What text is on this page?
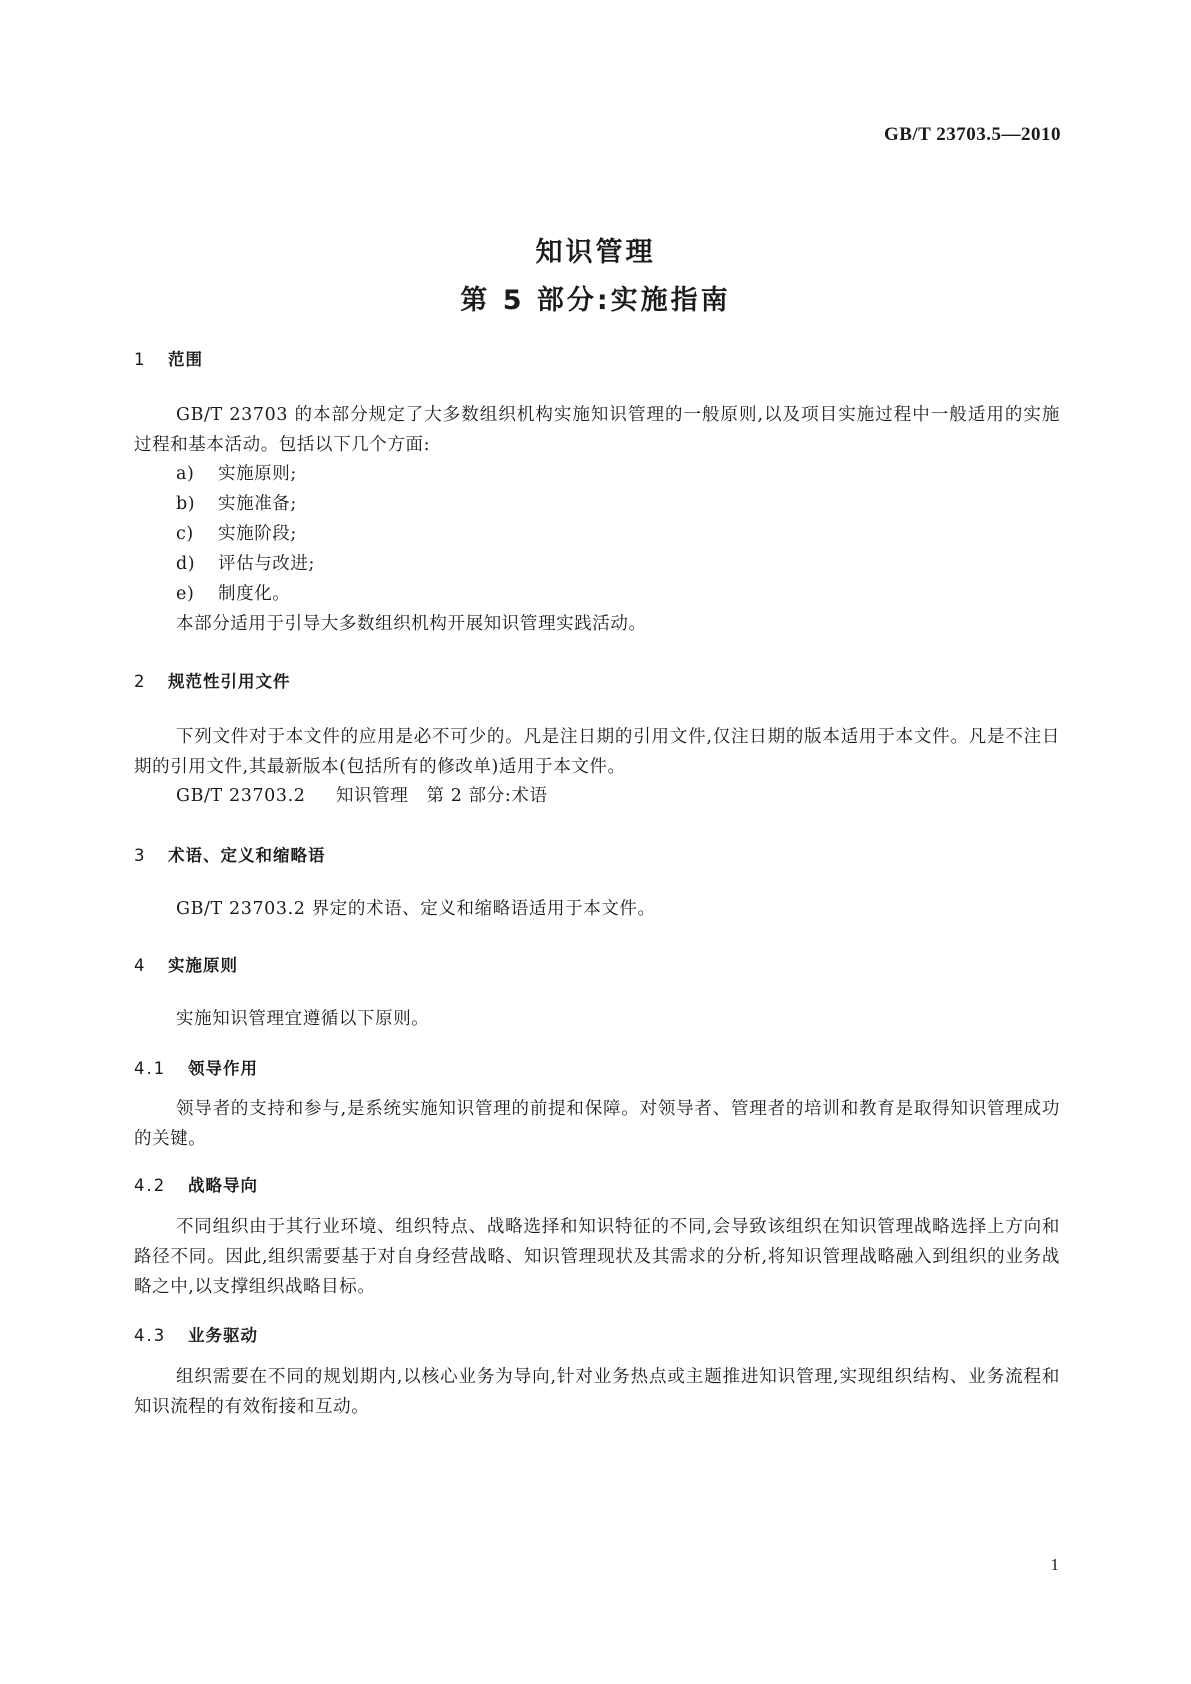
GB/T 23703.5—2010
知识管理
第 5 部分:实施指南
1 范围
GB/T 23703 的本部分规定了大多数组织机构实施知识管理的一般原则,以及项目实施过程中一般适用的实施过程和基本活动。包括以下几个方面:
a) 实施原则;
b) 实施准备;
c) 实施阶段;
d) 评估与改进;
e) 制度化。
本部分适用于引导大多数组织机构开展知识管理实践活动。
2 规范性引用文件
下列文件对于本文件的应用是必不可少的。凡是注日期的引用文件,仅注日期的版本适用于本文件。凡是不注日期的引用文件,其最新版本(包括所有的修改单)适用于本文件。
GB/T 23703.2 知识管理　第 2 部分:术语
3 术语、定义和缩略语
GB/T 23703.2 界定的术语、定义和缩略语适用于本文件。
4 实施原则
实施知识管理宜遵循以下原则。
4.1 领导作用
领导者的支持和参与,是系统实施知识管理的前提和保障。对领导者、管理者的培训和教育是取得知识管理成功的关键。
4.2 战略导向
不同组织由于其行业环境、组织特点、战略选择和知识特征的不同,会导致该组织在知识管理战略选择上方向和路径不同。因此,组织需要基于对自身经营战略、知识管理现状及其需求的分析,将知识管理战略融入到组织的业务战略之中,以支撑组织战略目标。
4.3 业务驱动
组织需要在不同的规划期内,以核心业务为导向,针对业务热点或主题推进知识管理,实现组织结构、业务流程和知识流程的有效衔接和互动。
1
